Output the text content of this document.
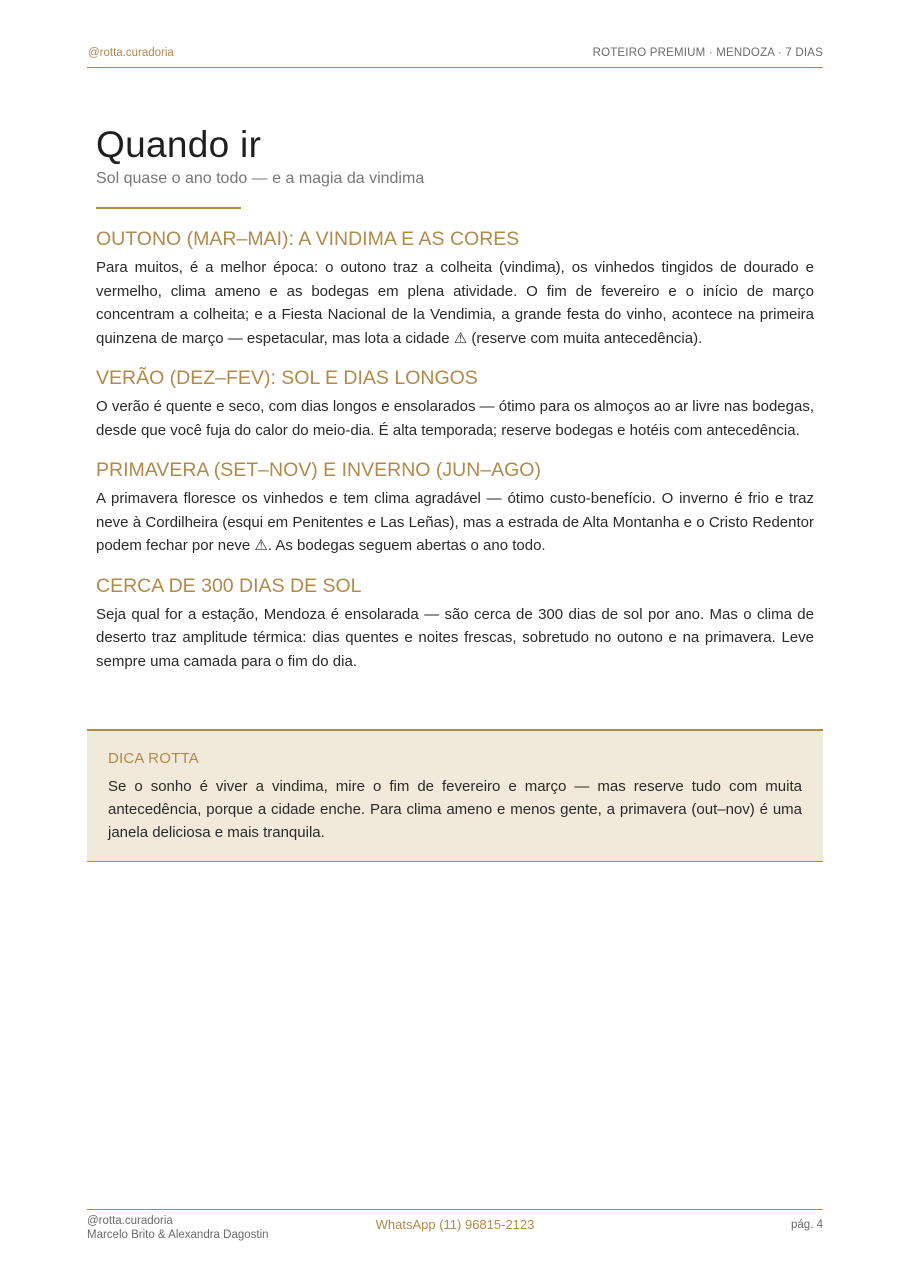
@rotta.curadoria	ROTEIRO PREMIUM · MENDOZA · 7 DIAS
Quando ir
Sol quase o ano todo — e a magia da vindima
OUTONO (MAR–MAI): A VINDIMA E AS CORES

Para muitos, é a melhor época: o outono traz a colheita (vindima), os vinhedos tingidos de dourado e vermelho, clima ameno e as bodegas em plena atividade. O fim de fevereiro e o início de março concentram a colheita; e a Fiesta Nacional de la Vendimia, a grande festa do vinho, acontece na primeira quinzena de março — espetacular, mas lota a cidade ⚠ (reserve com muita antecedência).

VERÃO (DEZ–FEV): SOL E DIAS LONGOS

O verão é quente e seco, com dias longos e ensolarados — ótimo para os almoços ao ar livre nas bodegas, desde que você fuja do calor do meio-dia. É alta temporada; reserve bodegas e hotéis com antecedência.

PRIMAVERA (SET–NOV) E INVERNO (JUN–AGO)

A primavera floresce os vinhedos e tem clima agradável — ótimo custo-benefício. O inverno é frio e traz neve à Cordilheira (esqui em Penitentes e Las Leñas), mas a estrada de Alta Montanha e o Cristo Redentor podem fechar por neve ⚠. As bodegas seguem abertas o ano todo.

CERCA DE 300 DIAS DE SOL

Seja qual for a estação, Mendoza é ensolarada — são cerca de 300 dias de sol por ano. Mas o clima de deserto traz amplitude térmica: dias quentes e noites frescas, sobretudo no outono e na primavera. Leve sempre uma camada para o fim do dia.

DICA ROTTA

Se o sonho é viver a vindima, mire o fim de fevereiro e março — mas reserve tudo com muita antecedência, porque a cidade enche. Para clima ameno e menos gente, a primavera (out–nov) é uma janela deliciosa e mais tranquila.

@rotta.curadoria
Marcelo Brito & Alexandra Dagostin
WhatsApp (11) 96815-2123	pág. 4
